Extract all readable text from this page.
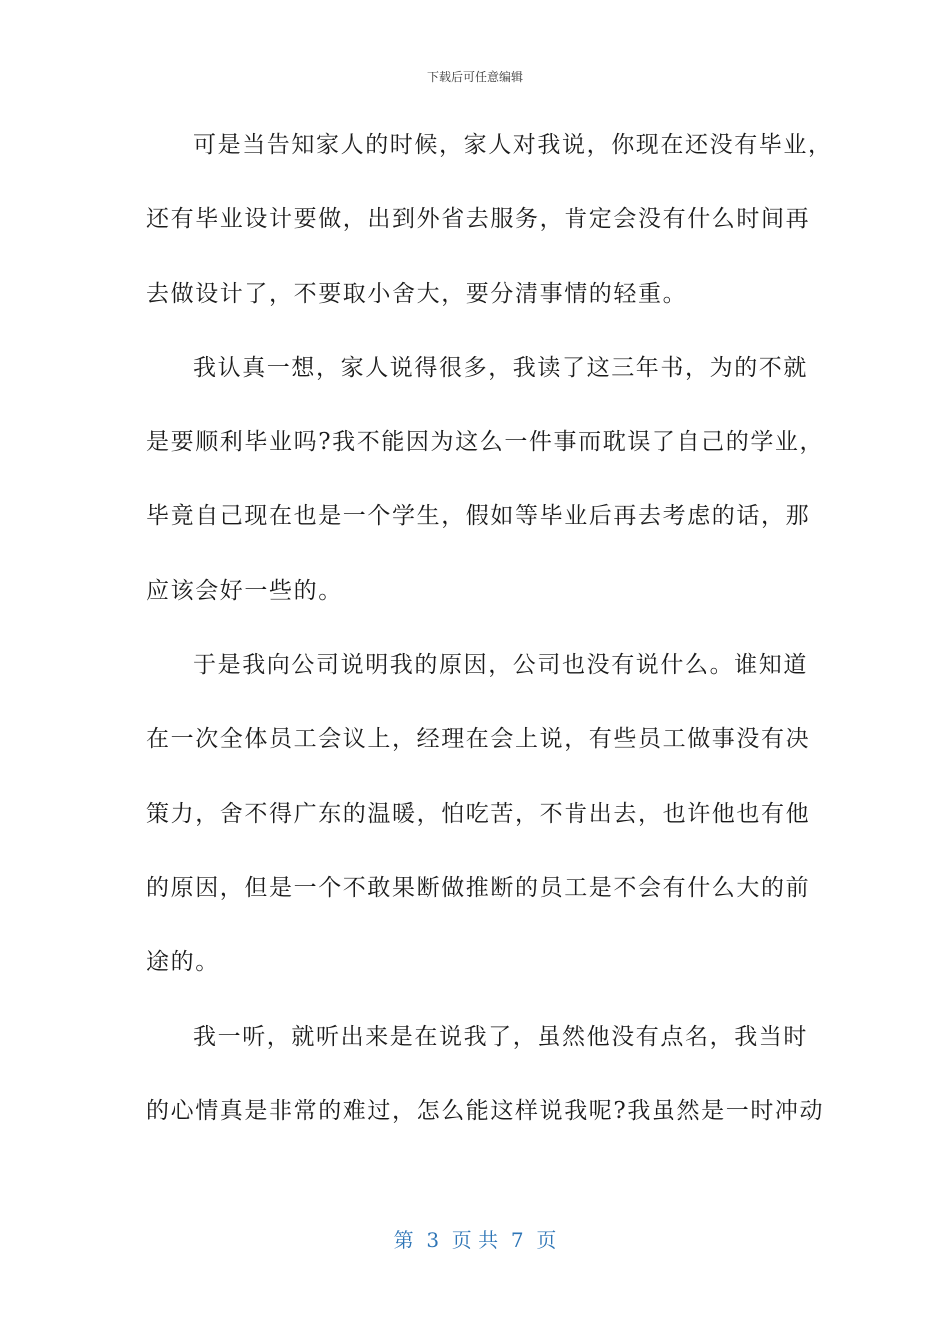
下载后可任意编辑
可是当告知家人的时候，家人对我说，你现在还没有毕业，
还有毕业设计要做，出到外省去服务，肯定会没有什么时间再
去做设计了，不要取小舍大，要分清事情的轻重。
我认真一想，家人说得很多，我读了这三年书，为的不就
是要顺利毕业吗?我不能因为这么一件事而耽误了自己的学业，
毕竟自己现在也是一个学生，假如等毕业后再去考虑的话，那
应该会好一些的。
于是我向公司说明我的原因，公司也没有说什么。谁知道
在一次全体员工会议上，经理在会上说，有些员工做事没有决
策力，舍不得广东的温暖，怕吃苦，不肯出去，也许他也有他
的原因，但是一个不敢果断做推断的员工是不会有什么大的前
途的。
我一听，就听出来是在说我了，虽然他没有点名，我当时
的心情真是非常的难过，怎么能这样说我呢?我虽然是一时冲动
第  3  页 共  7  页
